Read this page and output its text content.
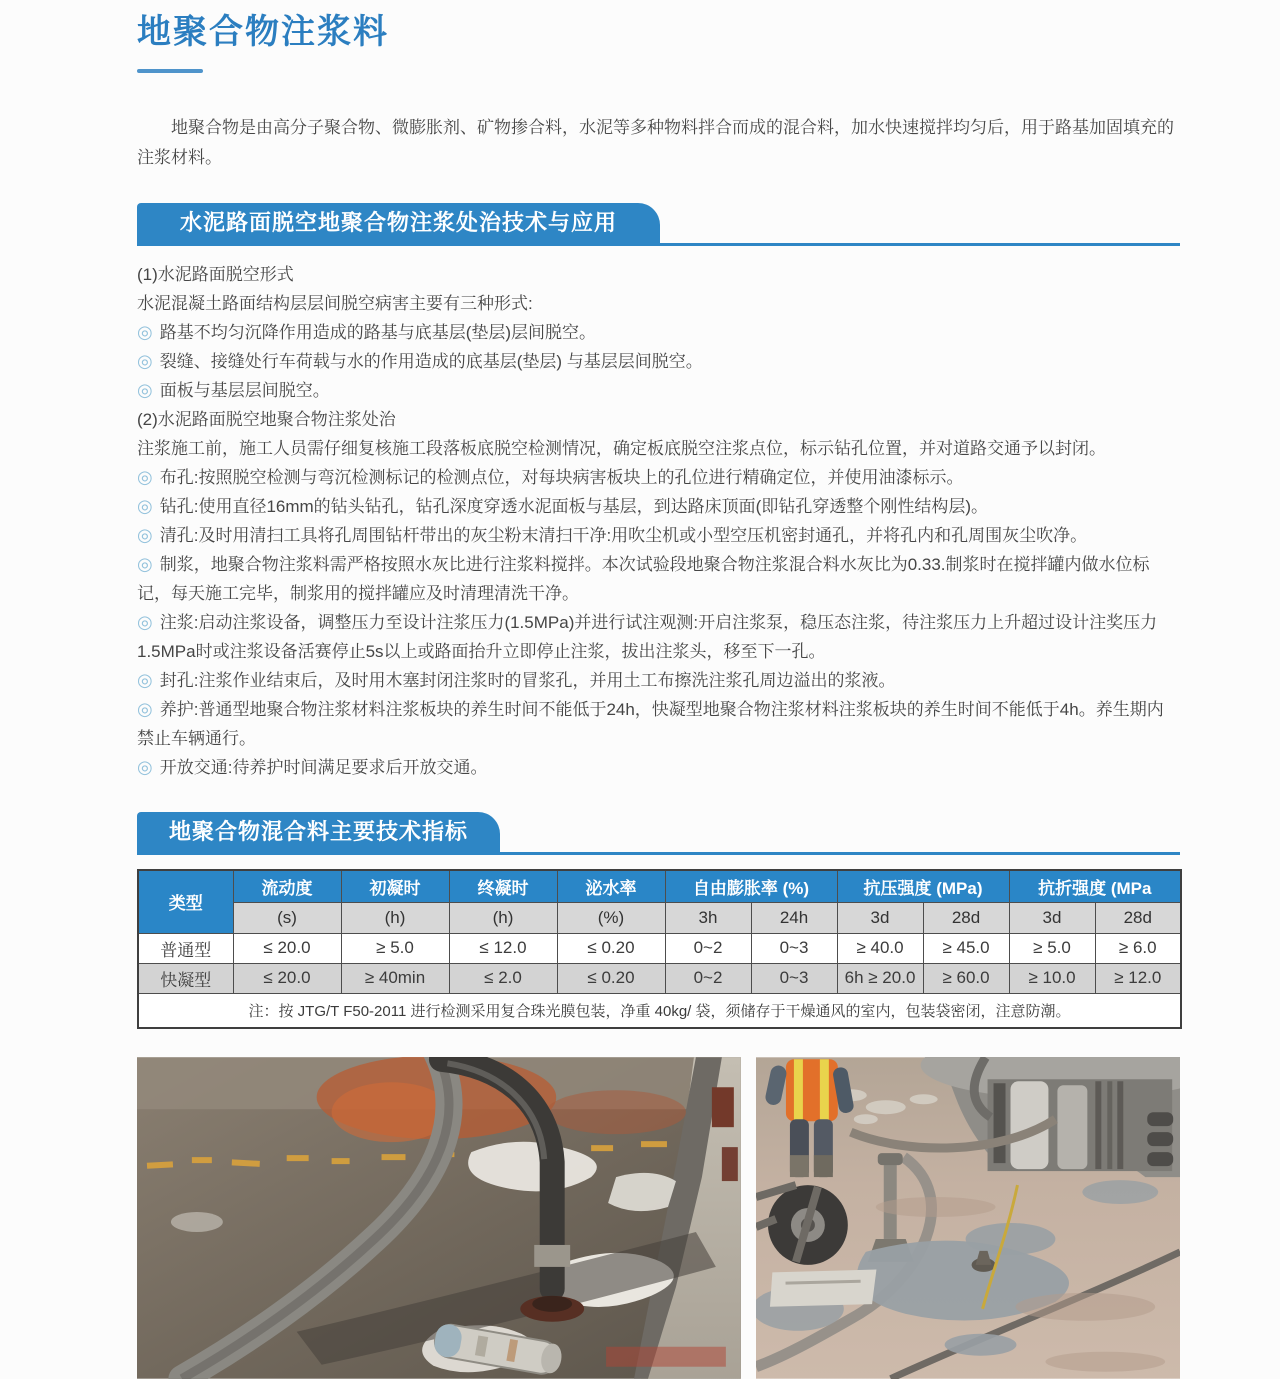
地聚合物注浆料
地聚合物是由高分子聚合物、微膨胀剂、矿物掺合料，水泥等多种物料拌合而成的混合料，加水快速搅拌均匀后，用于路基加固填充的注浆材料。
水泥路面脱空地聚合物注浆处治技术与应用
(1)水泥路面脱空形式
水泥混凝土路面结构层层间脱空病害主要有三种形式:
◎ 路基不均匀沉降作用造成的路基与底基层(垫层)层间脱空。
◎ 裂缝、接缝处行车荷载与水的作用造成的底基层(垫层) 与基层层间脱空。
◎ 面板与基层层间脱空。
(2)水泥路面脱空地聚合物注浆处治
注浆施工前，施工人员需仔细复核施工段落板底脱空检测情况，确定板底脱空注浆点位，标示钻孔位置，并对道路交通予以封闭。
◎ 布孔:按照脱空检测与弯沉检测标记的检测点位，对每块病害板块上的孔位进行精确定位，并使用油漆标示。
◎ 钻孔:使用直径16mm的钻头钻孔，钻孔深度穿透水泥面板与基层，到达路床顶面(即钻孔穿透整个刚性结构层)。
◎ 清孔:及时用清扫工具将孔周围钻杆带出的灰尘粉末清扫干净:用吹尘机或小型空压机密封通孔，并将孔内和孔周围灰尘吹净。
◎ 制浆，地聚合物注浆料需严格按照水灰比进行注浆料搅拌。本次试验段地聚合物注浆混合料水灰比为0.33.制浆时在搅拌罐内做水位标记，每天施工完毕，制浆用的搅拌罐应及时清理清洗干净。
◎ 注浆:启动注浆设备，调整压力至设计注浆压力(1.5MPa)并进行试注观测:开启注浆泵，稳压态注浆，待注浆压力上升超过设计注奖压力1.5MPa时或注浆设备活赛停止5s以上或路面抬升立即停止注浆，拔出注浆头，移至下一孔。
◎ 封孔:注浆作业结束后，及时用木塞封闭注浆时的冒浆孔，并用土工布擦洗注浆孔周边溢出的浆液。
◎ 养护:普通型地聚合物注浆材料注浆板块的养生时间不能低于24h，快凝型地聚合物注浆材料注浆板块的养生时间不能低于4h。养生期内禁止车辆通行。
◎ 开放交通:待养护时间满足要求后开放交通。
地聚合物混合料主要技术指标
类型	流动度	初凝时	终凝时	泌水率	自由膨胀率 (%)		抗压强度 (MPa)		抗折强度 (MPa	
	(s)	(h)	(h)	(%)	3h	24h	3d	28d	3d	28d
普通型	≤ 20.0	≥ 5.0	≤ 12.0	≤ 0.20	0~2	0~3	≥ 40.0	≥ 45.0	≥ 5.0	≥ 6.0
快凝型	≤ 20.0	≥ 40min	≤ 2.0	≤ 0.20	0~2	0~3	6h ≥ 20.0	≥ 60.0	≥ 10.0	≥ 12.0
注：按 JTG/T F50-2011 进行检测采用复合珠光膜包装，净重 40kg/ 袋，须储存于干燥通风的室内，包装袋密闭，注意防潮。										
